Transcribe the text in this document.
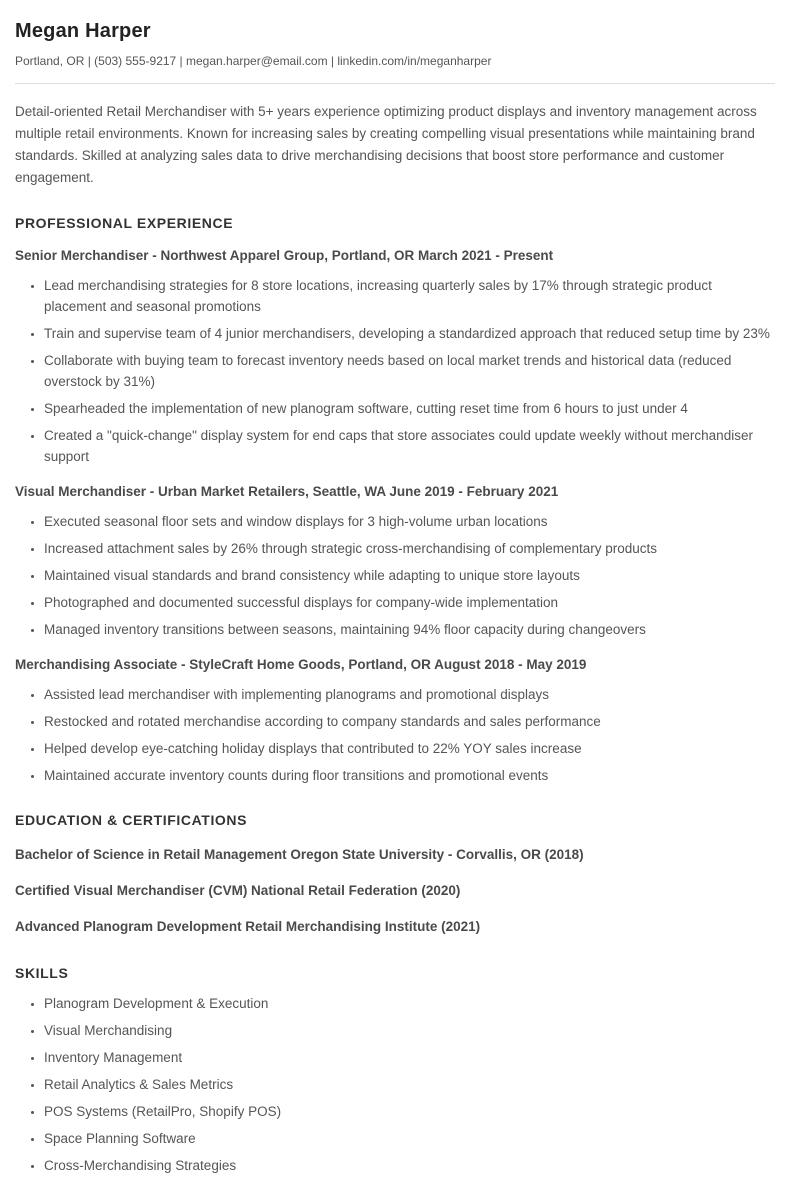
Megan Harper

Portland, OR | (503) 555-9217 | megan.harper@email.com | linkedin.com/in/meganharper

Detail-oriented Retail Merchandiser with 5+ years experience optimizing product displays and inventory management across multiple retail environments. Known for increasing sales by creating compelling visual presentations while maintaining brand standards. Skilled at analyzing sales data to drive merchandising decisions that boost store performance and customer engagement.

PROFESSIONAL EXPERIENCE
Senior Merchandiser - Northwest Apparel Group, Portland, OR March 2021 - Present
• Lead merchandising strategies for 8 store locations, increasing quarterly sales by 17% through strategic product placement and seasonal promotions
• Train and supervise team of 4 junior merchandisers, developing a standardized approach that reduced setup time by 23%
• Collaborate with buying team to forecast inventory needs based on local market trends and historical data (reduced overstock by 31%)
• Spearheaded the implementation of new planogram software, cutting reset time from 6 hours to just under 4
• Created a "quick-change" display system for end caps that store associates could update weekly without merchandiser support
Visual Merchandiser - Urban Market Retailers, Seattle, WA June 2019 - February 2021
• Executed seasonal floor sets and window displays for 3 high-volume urban locations
• Increased attachment sales by 26% through strategic cross-merchandising of complementary products
• Maintained visual standards and brand consistency while adapting to unique store layouts
• Photographed and documented successful displays for company-wide implementation
• Managed inventory transitions between seasons, maintaining 94% floor capacity during changeovers
Merchandising Associate - StyleCraft Home Goods, Portland, OR August 2018 - May 2019
• Assisted lead merchandiser with implementing planograms and promotional displays
• Restocked and rotated merchandise according to company standards and sales performance
• Helped develop eye-catching holiday displays that contributed to 22% YOY sales increase
• Maintained accurate inventory counts during floor transitions and promotional events
EDUCATION & CERTIFICATIONS

Bachelor of Science in Retail Management Oregon State University - Corvallis, OR (2018)

Certified Visual Merchandiser (CVM) National Retail Federation (2020)

Advanced Planogram Development Retail Merchandising Institute (2021)

SKILLS
• Planogram Development & Execution
• Visual Merchandising
• Inventory Management
• Retail Analytics & Sales Metrics
• POS Systems (RetailPro, Shopify POS)
• Space Planning Software
• Cross-Merchandising Strategies
